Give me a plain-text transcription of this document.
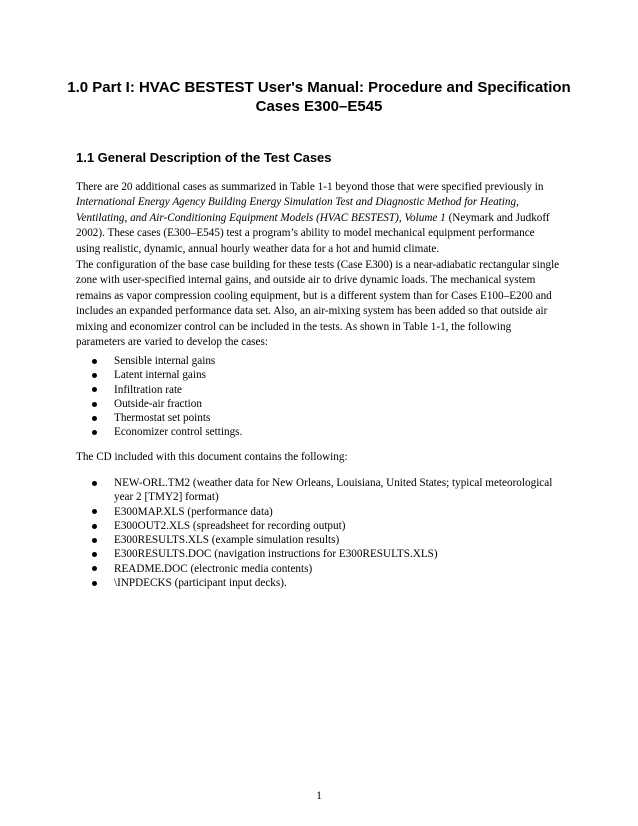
1.0 Part I: HVAC BESTEST User's Manual: Procedure and Specification
Cases E300–E545
1.1 General Description of the Test Cases

There are 20 additional cases as summarized in Table 1-1 beyond those that were specified previously in
International Energy Agency Building Energy Simulation Test and Diagnostic Method for Heating,
Ventilating, and Air-Conditioning Equipment Models (HVAC BESTEST), Volume 1 (Neymark and Judkoff
2002). These cases (E300–E545) test a program’s ability to model mechanical equipment performance
using realistic, dynamic, annual hourly weather data for a hot and humid climate.

The configuration of the base case building for these tests (Case E300) is a near-adiabatic rectangular single
zone with user-specified internal gains, and outside air to drive dynamic loads. The mechanical system
remains as vapor compression cooling equipment, but is a different system than for Cases E100–E200 and
includes an expanded performance data set. Also, an air-mixing system has been added so that outside air
mixing and economizer control can be included in the tests. As shown in Table 1-1, the following
parameters are varied to develop the cases:

Sensible internal gains
Latent internal gains
Infiltration rate
Outside-air fraction
Thermostat set points
Economizer control settings.

The CD included with this document contains the following:

NEW-ORL.TM2 (weather data for New Orleans, Louisiana, United States; typical meteorological
year 2 [TMY2] format)
E300MAP.XLS (performance data)
E300OUT2.XLS (spreadsheet for recording output)
E300RESULTS.XLS (example simulation results)
E300RESULTS.DOC (navigation instructions for E300RESULTS.XLS)
README.DOC (electronic media contents)
\INPDECKS (participant input decks).

1
